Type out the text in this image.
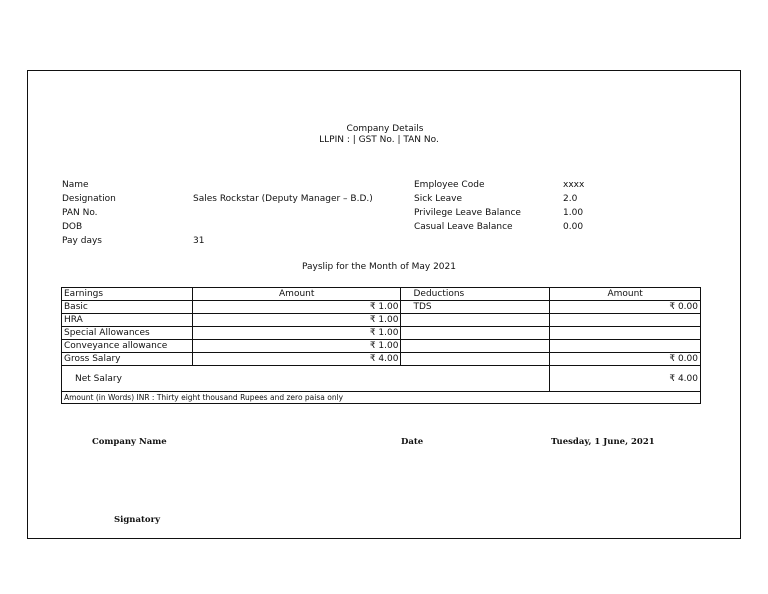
Company Details
LLPIN : | GST No. | TAN No.
Name
Designation	Sales Rockstar (Deputy Manager – B.D.)
PAN No.
DOB
Pay days	31
Employee Code	xxxx
Sick Leave	2.0
Privilege Leave Balance	1.00
Casual Leave Balance	0.00
Payslip for the Month of May 2021
Earnings	Amount	Deductions	Amount
Basic	₹ 1.00	TDS	₹ 0.00
HRA	₹ 1.00		
Special Allowances	₹ 1.00		
Conveyance allowance	₹ 1.00		
Gross Salary	₹ 4.00		₹ 0.00
Net Salary			₹ 4.00
Amount (in Words) INR : Thirty eight thousand Rupees and zero paisa only			
Company Name	Date	Tuesday, 1 June, 2021
Signatory
